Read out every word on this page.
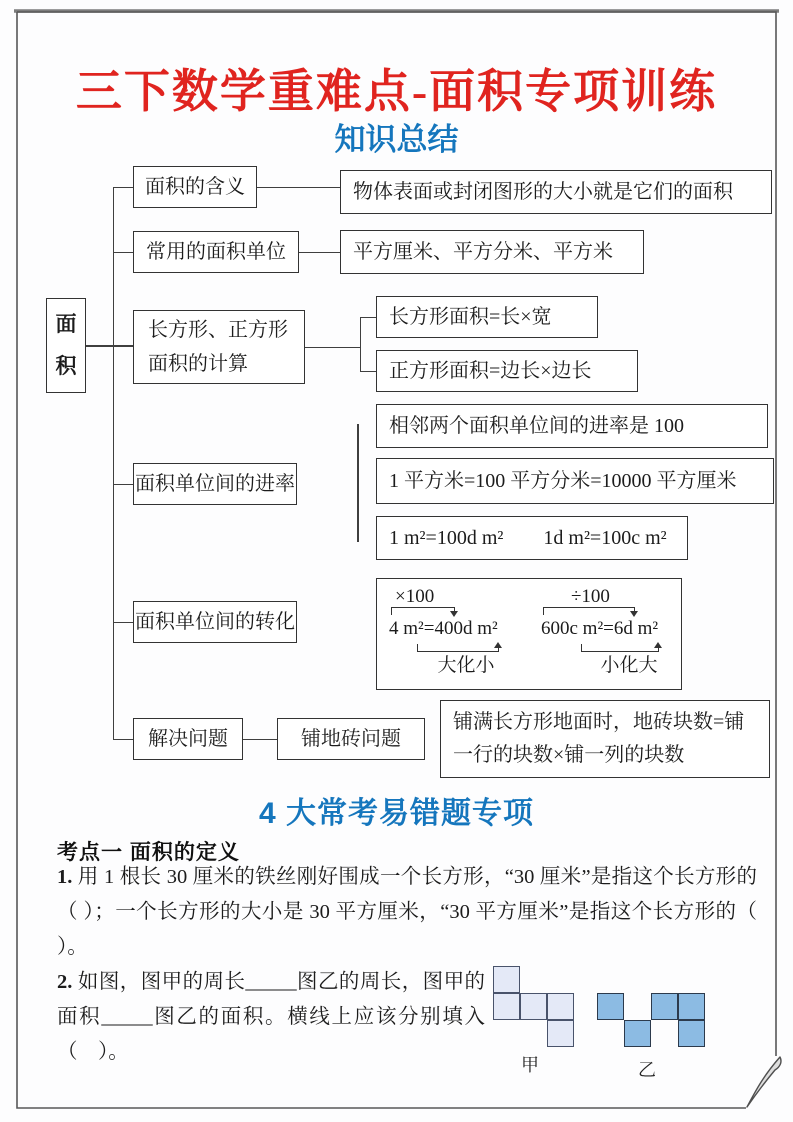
三下数学重难点-面积专项训练
知识总结
面
积
面积的含义
常用的面积单位
长方形、正方形
面积的计算
面积单位间的进率
面积单位间的转化
解决问题
物体表面或封闭图形的大小就是它们的面积
平方厘米、平方分米、平方米
长方形面积=长×宽
正方形面积=边长×边长
相邻两个面积单位间的进率是 100
1 平方米=100 平方分米=10000 平方厘米
1 m²=100d m²　　1d m²=100c m²
×100
4 m²=400d m²
大化小
÷100
600c m²=6d m²
小化大
铺地砖问题
铺满长方形地面时，地砖块数=铺一行的块数×铺一列的块数
4 大常考易错题专项
考点一 面积的定义
1. 用 1 根长 30 厘米的铁丝刚好围成一个长方形，“30 厘米”是指这个长方形的（ ）；一个长方形的大小是 30 平方厘米，“30 平方厘米”是指这个长方形的（ ）。
2. 如图，图甲的周长_____图乙的周长，图甲的面积_____图乙的面积。横线上应该分别填入（　）。
甲	乙
